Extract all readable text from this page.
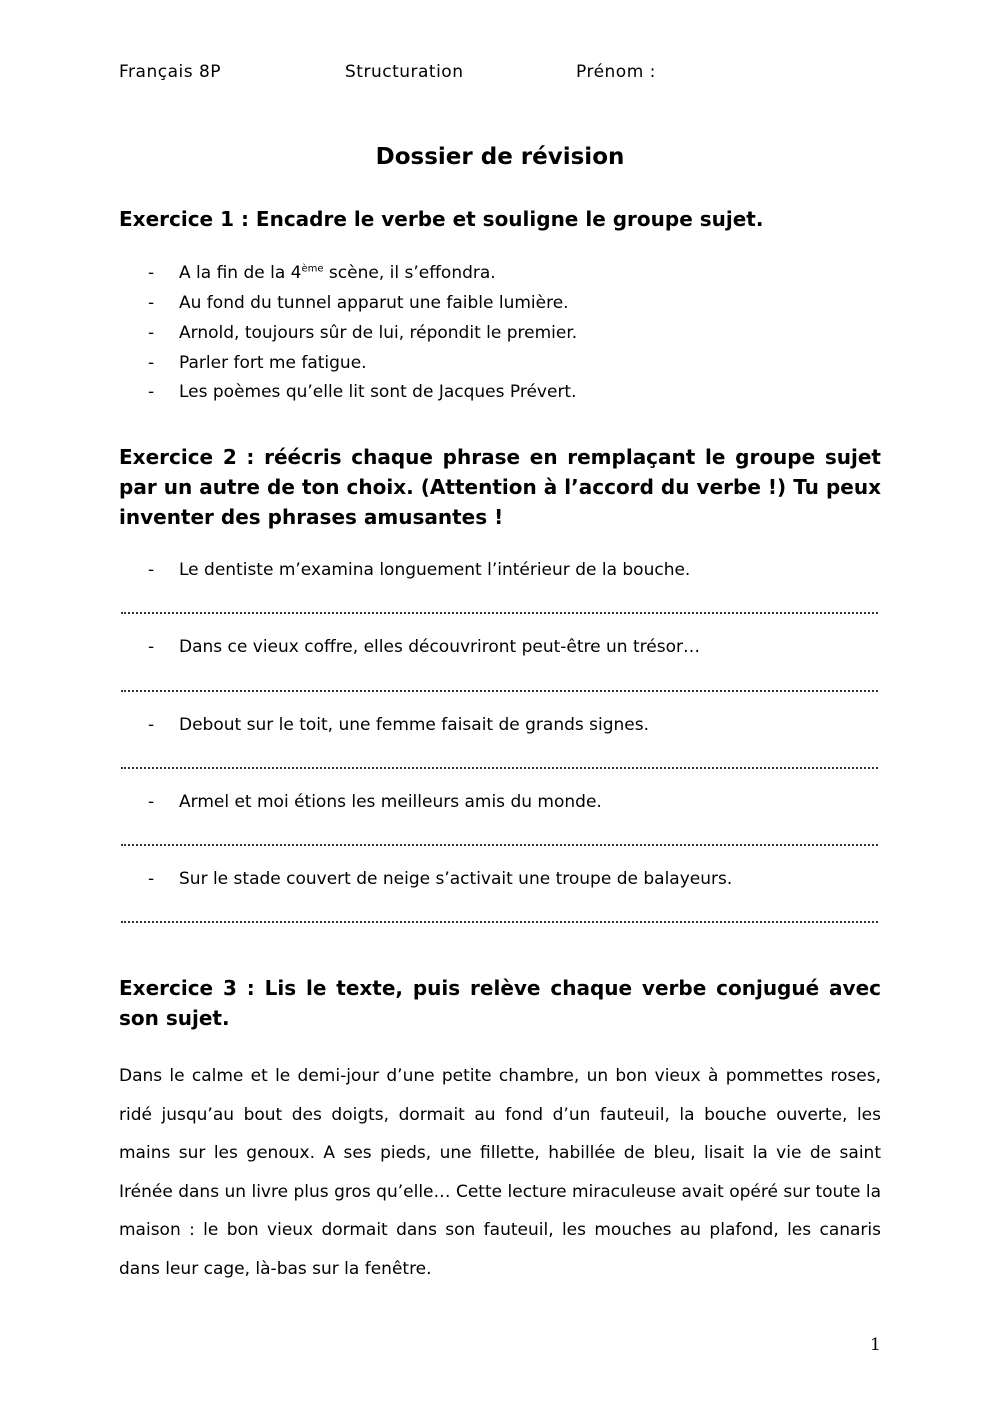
Français 8P	Structuration	Prénom :
Dossier de révision
Exercice 1 : Encadre le verbe et souligne le groupe sujet.
- A la fin de la 4ème scène, il s’effondra.
- Au fond du tunnel apparut une faible lumière.
- Arnold, toujours sûr de lui, répondit le premier.
- Parler fort me fatigue.
- Les poèmes qu’elle lit sont de Jacques Prévert.
Exercice 2 : réécris chaque phrase en remplaçant le groupe sujet par un autre de ton choix. (Attention à l’accord du verbe !) Tu peux inventer des phrases amusantes !
- Le dentiste m’examina longuement l’intérieur de la bouche.
- Dans ce vieux coffre, elles découvriront peut-être un trésor…
- Debout sur le toit, une femme faisait de grands signes.
- Armel et moi étions les meilleurs amis du monde.
- Sur le stade couvert de neige s’activait une troupe de balayeurs.
Exercice 3 : Lis le texte, puis relève chaque verbe conjugué avec son sujet.

Dans le calme et le demi-jour d’une petite chambre, un bon vieux à pommettes roses, ridé jusqu’au bout des doigts, dormait au fond d’un fauteuil, la bouche ouverte, les mains sur les genoux. A ses pieds, une fillette, habillée de bleu, lisait la vie de saint Irénée dans un livre plus gros qu’elle… Cette lecture miraculeuse avait opéré sur toute la maison : le bon vieux dormait dans son fauteuil, les mouches au plafond, les canaris dans leur cage, là-bas sur la fenêtre.

1
